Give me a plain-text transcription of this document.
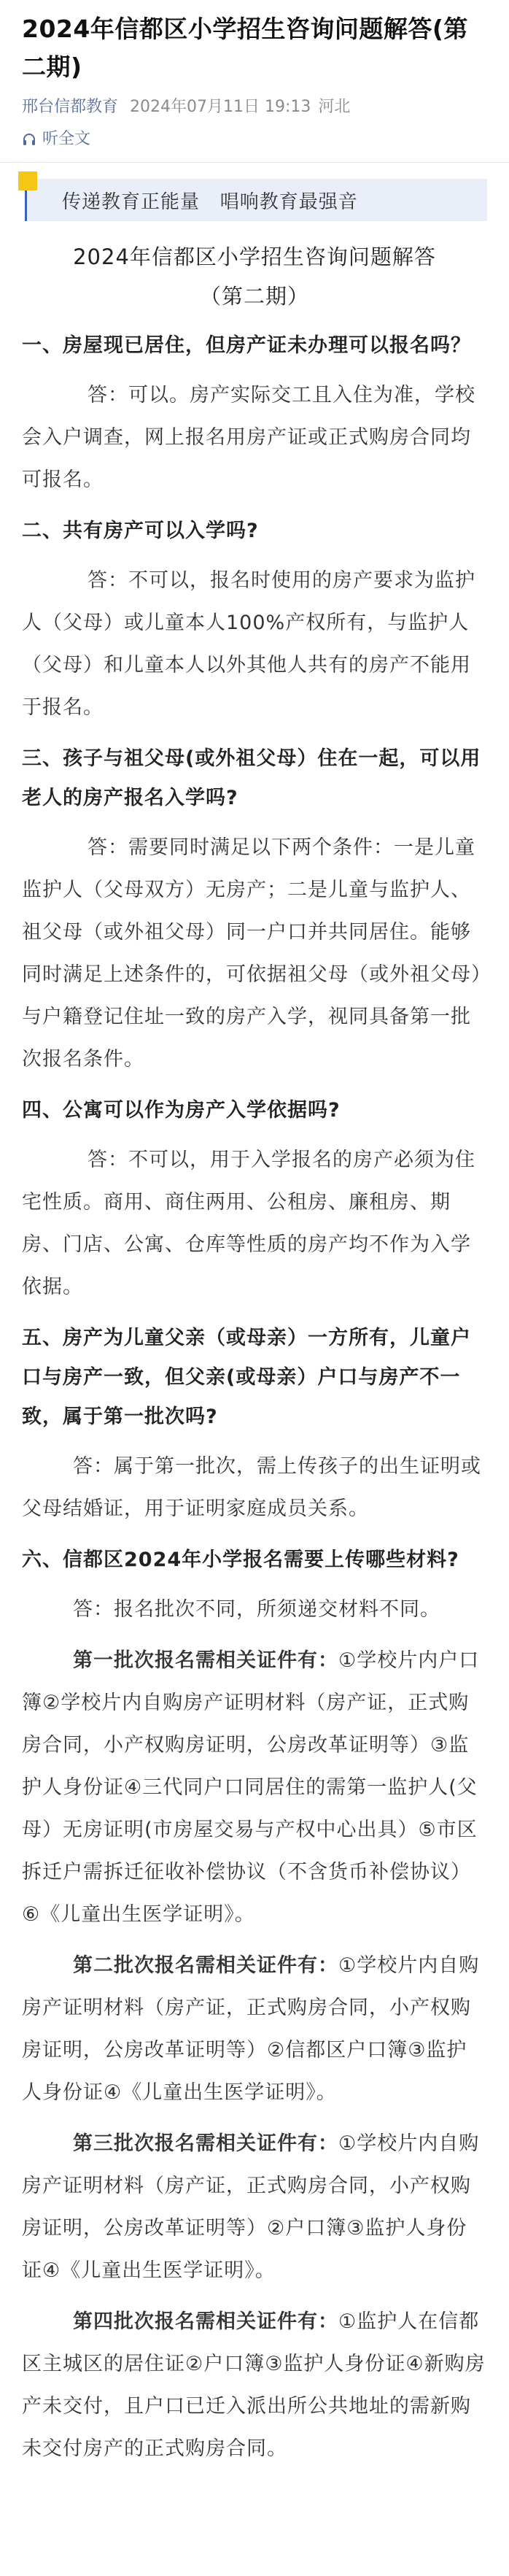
2024年信都区小学招生咨询问题解答(第二期)
邢台信都教育 2024年07月11日 19:13 河北
听全文
传递教育正能量   唱响教育最强音
2024年信都区小学招生咨询问题解答
（第二期）
一、房屋现已居住，但房产证未办理可以报名吗？
答：可以。房产实际交工且入住为准，学校会入户调查，网上报名用房产证或正式购房合同均可报名。
二、共有房产可以入学吗?
答：不可以，报名时使用的房产要求为监护人（父母）或儿童本人100%产权所有，与监护人（父母）和儿童本人以外其他人共有的房产不能用于报名。
三、孩子与祖父母(或外祖父母）住在一起，可以用老人的房产报名入学吗?
答：需要同时满足以下两个条件：一是儿童监护人（父母双方）无房产；二是儿童与监护人、祖父母（或外祖父母）同一户口并共同居住。能够同时满足上述条件的，可依据祖父母（或外祖父母）与户籍登记住址一致的房产入学，视同具备第一批次报名条件。
四、公寓可以作为房产入学依据吗?
答：不可以，用于入学报名的房产必须为住宅性质。商用、商住两用、公租房、廉租房、期房、门店、公寓、仓库等性质的房产均不作为入学依据。
五、房产为儿童父亲（或母亲）一方所有，儿童户口与房产一致，但父亲(或母亲）户口与房产不一致，属于第一批次吗?
答：属于第一批次，需上传孩子的出生证明或父母结婚证，用于证明家庭成员关系。
六、信都区2024年小学报名需要上传哪些材料?
答：报名批次不同，所须递交材料不同。
第一批次报名需相关证件有：①学校片内户口簿②学校片内自购房产证明材料（房产证，正式购房合同，小产权购房证明，公房改革证明等）③监护人身份证④三代同户口同居住的需第一监护人(父母）无房证明(市房屋交易与产权中心出具）⑤市区拆迁户需拆迁征收补偿协议（不含货币补偿协议）⑥《儿童出生医学证明》。
第二批次报名需相关证件有：①学校片内自购房产证明材料（房产证，正式购房合同，小产权购房证明，公房改革证明等）②信都区户口簿③监护人身份证④《儿童出生医学证明》。
第三批次报名需相关证件有：①学校片内自购房产证明材料（房产证，正式购房合同，小产权购房证明，公房改革证明等）②户口簿③监护人身份证④《儿童出生医学证明》。
第四批次报名需相关证件有：①监护人在信都区主城区的居住证②户口簿③监护人身份证④新购房产未交付，且户口已迁入派出所公共地址的需新购未交付房产的正式购房合同。
